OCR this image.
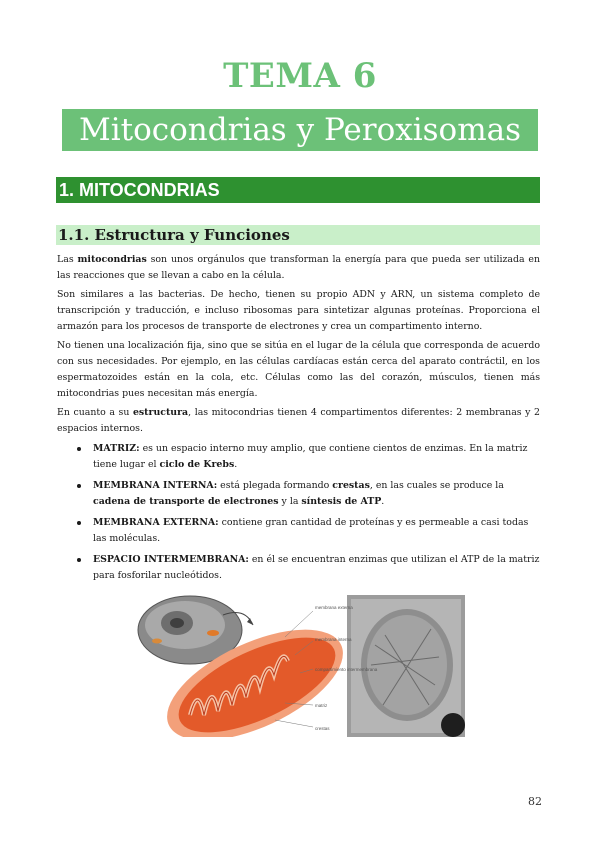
TEMA 6
Mitocondrias y Peroxisomas
1. MITOCONDRIAS
1.1. Estructura y Funciones

Las mitocondrias son unos orgánulos que transforman la energía para que pueda ser utilizada en las reacciones que se llevan a cabo en la célula.

Son similares a las bacterias. De hecho, tienen su propio ADN y ARN, un sistema completo de transcripción y traducción, e incluso ribosomas para sintetizar algunas proteínas. Proporciona el armazón para los procesos de transporte de electrones y crea un compartimento interno.

No tienen una localización fija, sino que se sitúa en el lugar de la célula que corresponda de acuerdo con sus necesidades. Por ejemplo, en las células cardíacas están cerca del aparato contráctil, en los espermatozoides están en la cola, etc. Células como las del corazón, músculos, tienen más mitocondrias pues necesitan más energía.

En cuanto a su estructura, las mitocondrias tienen 4 compartimentos diferentes: 2 membranas y 2 espacios internos.

MATRIZ: es un espacio interno muy amplio, que contiene cientos de enzimas. En la matriz tiene lugar el ciclo de Krebs.
MEMBRANA INTERNA: está plegada formando crestas, en las cuales se produce la cadena de transporte de electrones y la síntesis de ATP.
MEMBRANA EXTERNA: contiene gran cantidad de proteínas y es permeable a casi todas las moléculas.
ESPACIO INTERMEMBRANA: en él se encuentran enzimas que utilizan el ATP de la matriz para fosforilar nucleótidos.
membrana externa
membrana interna
compartimiento intermembrana
matriz
crestas
82
